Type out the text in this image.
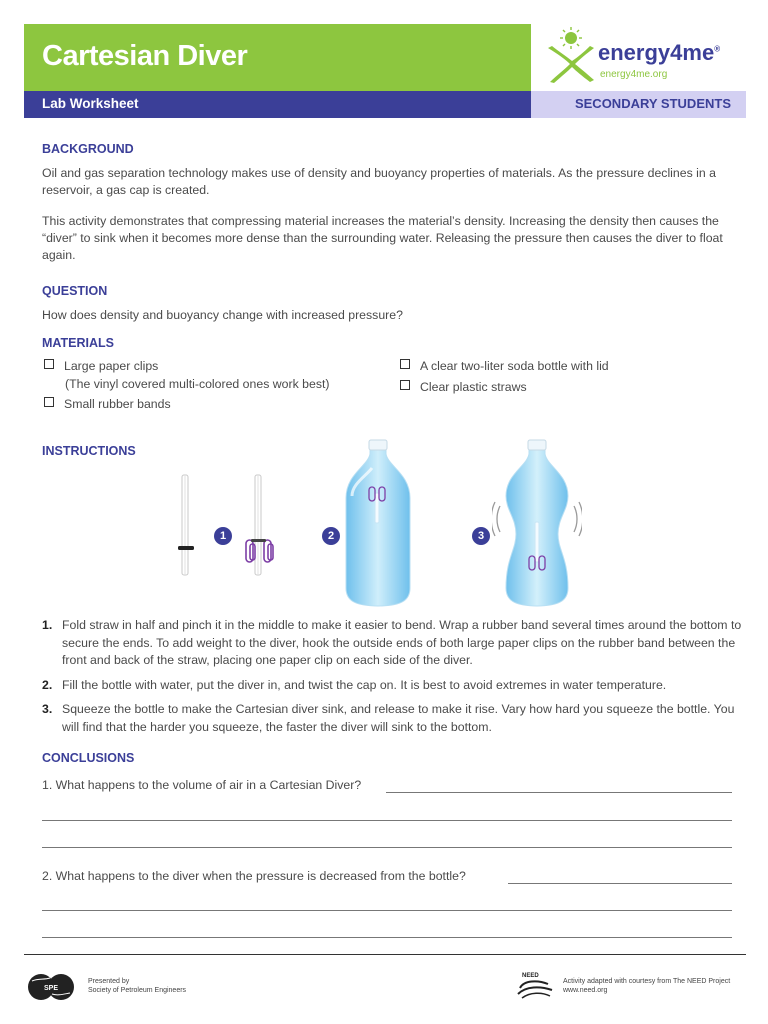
Cartesian Diver
Lab Worksheet	SECONDARY STUDENTS
energy4me®
energy4me.org
BACKGROUND
Oil and gas separation technology makes use of density and buoyancy properties of materials. As the pressure declines in a reservoir, a gas cap is created.
This activity demonstrates that compressing material increases the material’s density. Increasing the density then causes the “diver” to sink when it becomes more dense than the surrounding water. Releasing the pressure then causes the diver to float again.
QUESTION
How does density and buoyancy change with increased pressure?
MATERIALS
Large paper clips
(The vinyl covered multi-colored ones work best)
Small rubber bands
A clear two-liter soda bottle with lid
Clear plastic straws
INSTRUCTIONS
1	2	3
1. Fold straw in half and pinch it in the middle to make it easier to bend. Wrap a rubber band several times around the bottom to secure the ends. To add weight to the diver, hook the outside ends of both large paper clips on the rubber band between the front and back of the straw, placing one paper clip on each side of the diver.
2. Fill the bottle with water, put the diver in, and twist the cap on. It is best to avoid extremes in water temperature.
3. Squeeze the bottle to make the Cartesian diver sink, and release to make it rise. Vary how hard you squeeze the bottle. You will find that the harder you squeeze, the faster the diver will sink to the bottom.
CONCLUSIONS
1. What happens to the volume of air in a Cartesian Diver?
2. What happens to the diver when the pressure is decreased from the bottle?
SPE
Presented by
Society of Petroleum Engineers
NEED
Activity adapted with courtesy from The NEED Project
www.need.org
